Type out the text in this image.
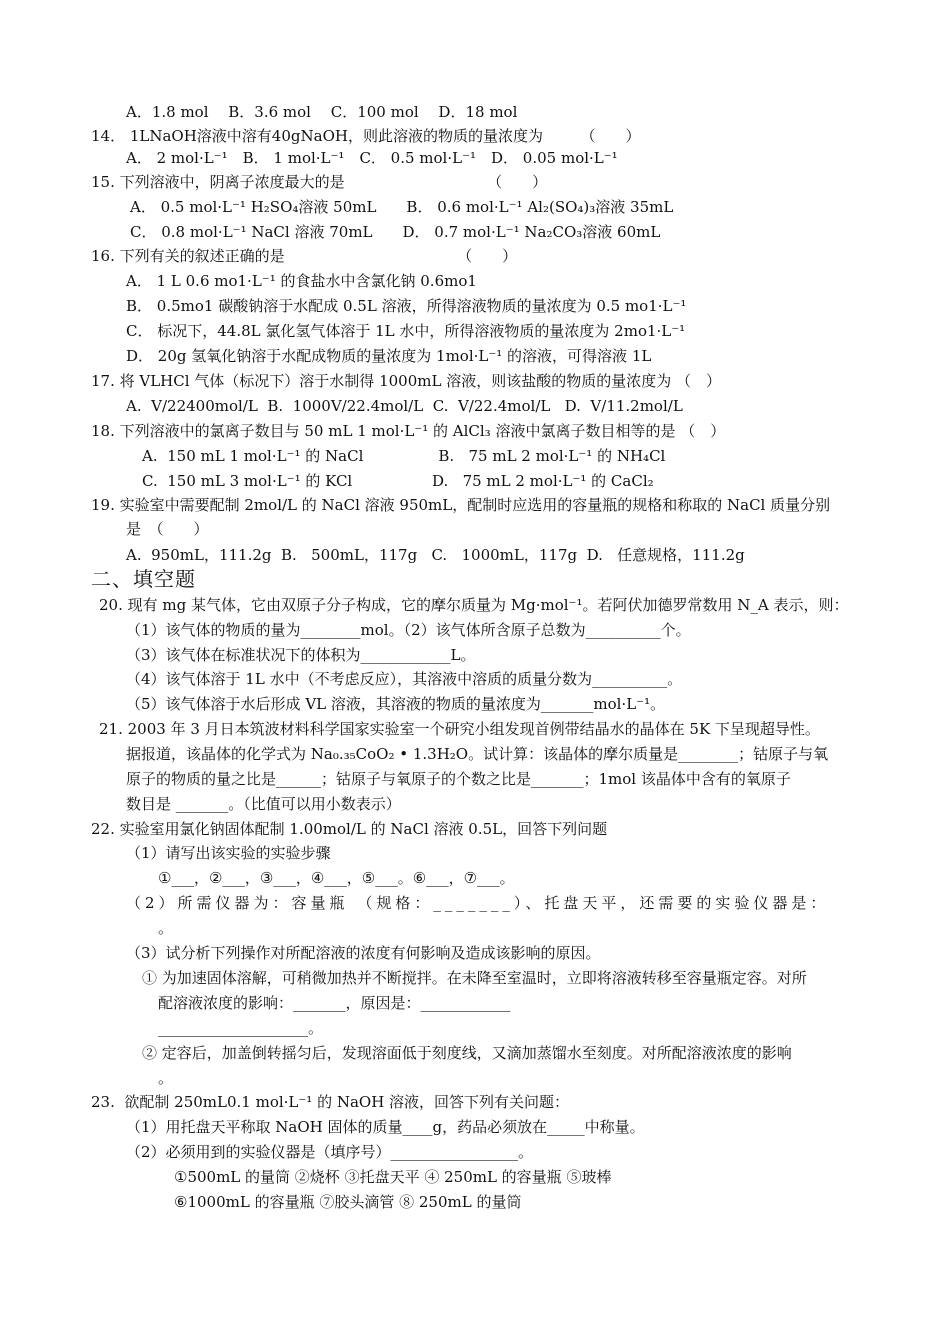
A．1.8 mol　 B．3.6 mol　 C．100 mol　 D．18 mol
14． 1LNaOH溶液中溶有40gNaOH，则此溶液的物质的量浓度为　　　（　　）
A． 2 mol·L⁻¹　B． 1 mol·L⁻¹　C． 0.5 mol·L⁻¹　D． 0.05 mol·L⁻¹
15. 下列溶液中，阴离子浓度最大的是　　　　　　　　　　（　　）
A． 0.5 mol·L⁻¹ H₂SO₄溶液 50mL　　B． 0.6 mol·L⁻¹ Al₂(SO₄)₃溶液 35mL
C． 0.8 mol·L⁻¹ NaCl 溶液 70mL　　D． 0.7 mol·L⁻¹ Na₂CO₃溶液 60mL
16. 下列有关的叙述正确的是　　　　　　　　　　　　（　　）
A． 1 L 0.6 mo1·L⁻¹ 的食盐水中含氯化钠 0.6mo1
B． 0.5mo1 碳酸钠溶于水配成 0.5L 溶液，所得溶液物质的量浓度为 0.5 mo1·L⁻¹
C． 标况下，44.8L 氯化氢气体溶于 1L 水中，所得溶液物质的量浓度为 2mo1·L⁻¹
D． 20g 氢氧化钠溶于水配成物质的量浓度为 1mol·L⁻¹ 的溶液，可得溶液 1L
17. 将 VLHCl 气体（标况下）溶于水制得 1000mL 溶液，则该盐酸的物质的量浓度为 （　）
A.  V/22400mol/L  B.  1000V/22.4mol/L  C.  V/22.4mol/L   D.  V/11.2mol/L
18. 下列溶液中的氯离子数目与 50 mL 1 mol·L⁻¹ 的 AlCl₃ 溶液中氯离子数目相等的是 （　）
A.  150 mL 1 mol·L⁻¹ 的 NaCl　　　　　B.   75 mL 2 mol·L⁻¹ 的 NH₄Cl
C.  150 mL 3 mol·L⁻¹ 的 KCl　　　　　 D.   75 mL 2 mol·L⁻¹ 的 CaCl₂
19. 实验室中需要配制 2mol/L 的 NaCl 溶液 950mL，配制时应选用的容量瓶的规格和称取的 NaCl 质量分别
是　（　　）
A.  950mL，111.2g  B.   500mL，117g   C.   1000mL，117g  D.   任意规格，111.2g
二、填空题
20. 现有 mg 某气体，它由双原子分子构成，它的摩尔质量为 Mg·mol⁻¹。若阿伏加德罗常数用 N_A 表示，则：
（1）该气体的物质的量为________mol。（2）该气体所含原子总数为__________个。
（3）该气体在标准状况下的体积为____________L。
（4）该气体溶于 1L 水中（不考虑反应），其溶液中溶质的质量分数为__________。
（5）该气体溶于水后形成 VL 溶液，其溶液的物质的量浓度为_______mol·L⁻¹。
21. 2003 年 3 月日本筑波材料科学国家实验室一个研究小组发现首例带结晶水的晶体在 5K 下呈现超导性。
据报道，该晶体的化学式为 Na₀.₃₅CoO₂ • 1.3H₂O。试计算：该晶体的摩尔质量是________；钴原子与氧
原子的物质的量之比是______；钴原子与氧原子的个数之比是_______；1mol 该晶体中含有的氧原子
数目是 _______。（比值可以用小数表示）
22. 实验室用氯化钠固体配制 1.00mol/L 的 NaCl 溶液 0.5L，回答下列问题
（1）请写出该实验的实验步骤
①___，②___，③___，④___，⑤___。⑥___，⑦___。
（2）所需仪器为：容量瓶 （规格：_______）、托盘天平，还需要的实验仪器是：
。
（3）试分析下列操作对所配溶液的浓度有何影响及造成该影响的原因。
① 为加速固体溶解，可稍微加热并不断搅拌。在未降至室温时，立即将溶液转移至容量瓶定容。对所
配溶液浓度的影响：_______，原因是：____________
____________________。
② 定容后，加盖倒转摇匀后，发现溶面低于刻度线，又滴加蒸馏水至刻度。对所配溶液浓度的影响
。
23.  欲配制 250mL0.1 mol·L⁻¹ 的 NaOH 溶液，回答下列有关问题：
（1）用托盘天平称取 NaOH 固体的质量____g，药品必须放在_____中称量。
（2）必须用到的实验仪器是（填序号）_________________。
①500mL 的量筒 ②烧杯 ③托盘天平 ④ 250mL 的容量瓶 ⑤玻棒
⑥1000mL 的容量瓶 ⑦胶头滴管 ⑧ 250mL 的量筒
